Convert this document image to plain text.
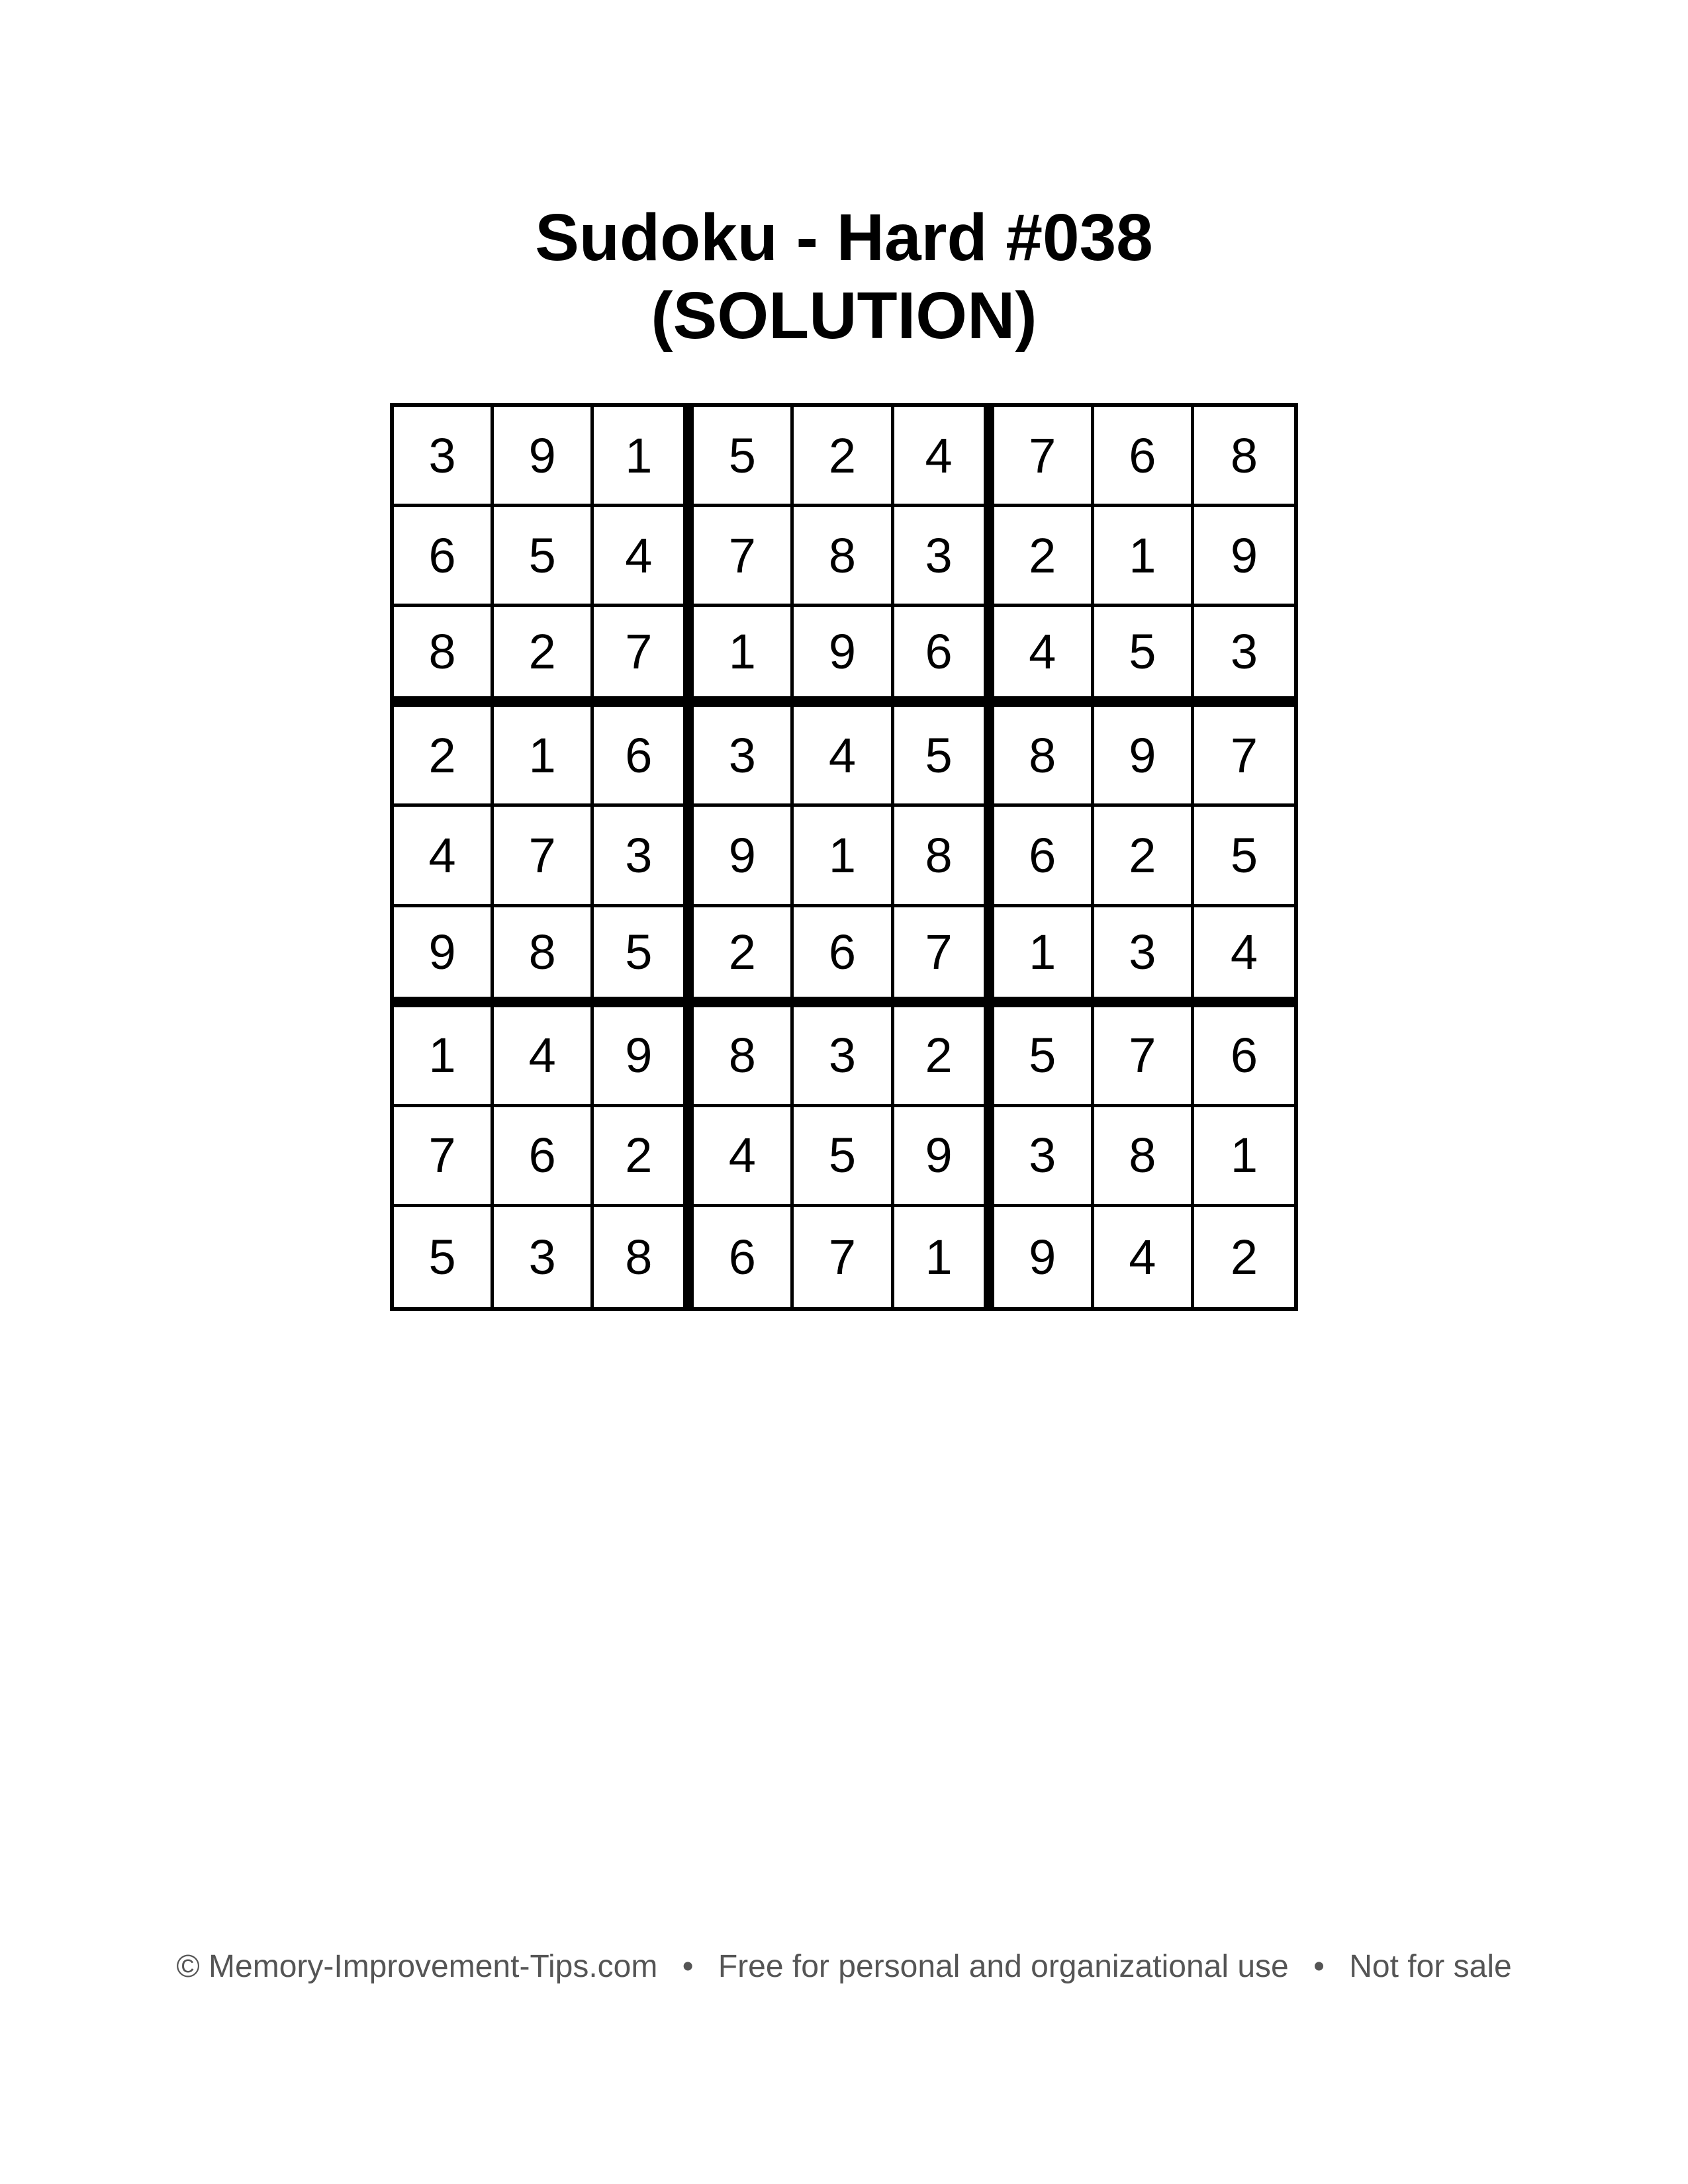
Sudoku - Hard #038
(SOLUTION)
3	9	1	5	2	4	7	6	8
6	5	4	7	8	3	2	1	9
8	2	7	1	9	6	4	5	3
2	1	6	3	4	5	8	9	7
4	7	3	9	1	8	6	2	5
9	8	5	2	6	7	1	3	4
1	4	9	8	3	2	5	7	6
7	6	2	4	5	9	3	8	1
5	3	8	6	7	1	9	4	2
© Memory-Improvement-Tips.com • Free for personal and organizational use • Not for sale
